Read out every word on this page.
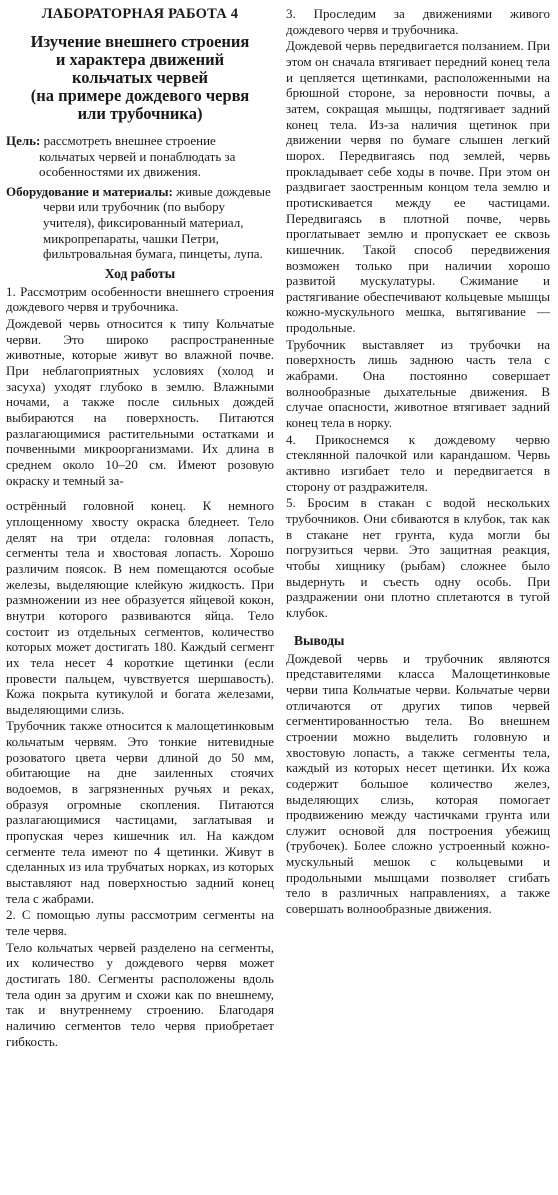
ЛАБОРАТОРНАЯ РАБОТА 4
Изучение внешнего строения
и характера движений
кольчатых червей
(на примере дождевого червя
или трубочника)
Цель: рассмотреть внешнее строение кольчатых червей и понаблюдать за особенностями их движения.
Оборудование и материалы: живые дождевые черви или трубочник (по выбору учителя), фиксированный материал, микропрепараты, чашки Петри, фильтровальная бумага, пинцеты, лупа.
Ход работы

1. Рассмотрим особенности внешнего строения дождевого червя и трубочника.

Дождевой червь относится к типу Кольчатые черви. Это широко распространенные животные, которые живут во влажной почве. При неблагоприятных условиях (холод и засуха) уходят глубоко в землю. Влажными ночами, а также после сильных дождей выбираются на поверхность. Питаются разлагающимися растительными остатками и почвенными микроорганизмами. Их длина в среднем около 10–20 см. Имеют розовую окраску и темный за-

острённый головной конец. К немного уплощенному хвосту окраска бледнеет. Тело делят на три отдела: головная лопасть, сегменты тела и хвостовая лопасть. Хорошо различим поясок. В нем помещаются особые железы, выделяющие клейкую жидкость. При размножении из нее образуется яйцевой кокон, внутри которого развиваются яйца. Тело состоит из отдельных сегментов, количество которых может достигать 180. Каждый сегмент их тела несет 4 короткие щетинки (если провести пальцем, чувствуется шершавость). Кожа покрыта кутикулой и богата железами, выделяющими слизь.

Трубочник также относится к малощетинковым кольчатым червям. Это тонкие нитевидные розоватого цвета черви длиной до 50 мм, обитающие на дне заиленных стоячих водоемов, в загрязненных ручьях и реках, образуя огромные скопления. Питаются разлагающимися частицами, заглатывая и пропуская через кишечник ил. На каждом сегменте тела имеют по 4 щетинки. Живут в сделанных из ила трубчатых норках, из которых выставляют над поверхностью задний конец тела с жабрами.

2. С помощью лупы рассмотрим сегменты на теле червя.

Тело кольчатых червей разделено на сегменты, их количество у дождевого червя может достигать 180. Сегменты расположены вдоль тела один за другим и схожи как по внешнему, так и внутреннему строению. Благодаря наличию сегментов тело червя приобретает гибкость.

3. Проследим за движениями живого дождевого червя и трубочника.

Дождевой червь передвигается ползанием. При этом он сначала втягивает передний конец тела и цепляется щетинками, расположенными на брюшной стороне, за неровности почвы, а затем, сокращая мышцы, подтягивает задний конец тела. Из-за наличия щетинок при движении червя по бумаге слышен легкий шорох. Передвигаясь под землей, червь прокладывает себе ходы в почве. При этом он раздвигает заостренным концом тела землю и протискивается между ее частицами. Передвигаясь в плотной почве, червь проглатывает землю и пропускает ее сквозь кишечник. Такой способ передвижения возможен только при наличии хорошо развитой мускулатуры. Сжимание и растягивание обеспечивают кольцевые мышцы кожно-мускульного мешка, вытягивание — продольные.

Трубочник выставляет из трубочки на поверхность лишь заднюю часть тела с жабрами. Она постоянно совершает волнообразные дыхательные движения. В случае опасности, животное втягивает задний конец тела в норку.

4. Прикоснемся к дождевому червю стеклянной палочкой или карандашом. Червь активно изгибает тело и передвигается в сторону от раздражителя.

5. Бросим в стакан с водой нескольких трубочников. Они сбиваются в клубок, так как в стакане нет грунта, куда могли бы погрузиться черви. Это защитная реакция, чтобы хищнику (рыбам) сложнее было выдернуть и съесть одну особь. При раздражении они плотно сплетаются в тугой клубок.

Выводы

Дождевой червь и трубочник являются представителями класса Малощетинковые черви типа Кольчатые черви. Кольчатые черви отличаются от других типов червей сегментированностью тела. Во внешнем строении можно выделить головную и хвостовую лопасть, а также сегменты тела, каждый из которых несет щетинки. Их кожа содержит большое количество желез, выделяющих слизь, которая помогает продвижению между частичками грунта или служит основой для построения убежищ (трубочек). Более сложно устроенный кожно-мускульный мешок с кольцевыми и продольными мышцами позволяет сгибать тело в различных направлениях, а также совершать волнообразные движения.
